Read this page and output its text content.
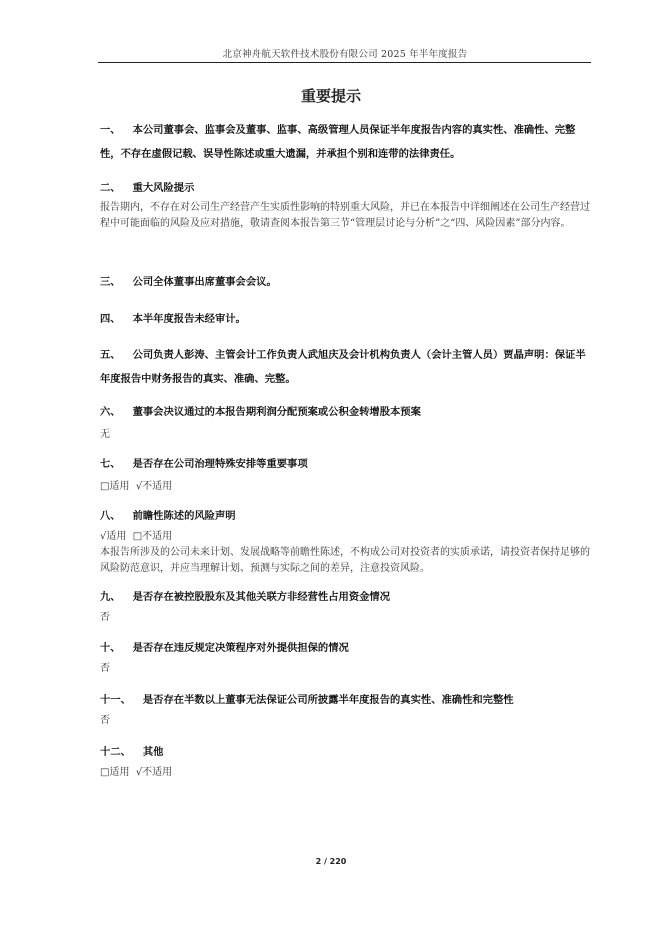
北京神舟航天软件技术股份有限公司 2025 年半年度报告
重要提示
一、 本公司董事会、监事会及董事、监事、高级管理人员保证半年度报告内容的真实性、准确性、完整性，不存在虚假记载、误导性陈述或重大遗漏，并承担个别和连带的法律责任。
二、 重大风险提示
报告期内，不存在对公司生产经营产生实质性影响的特别重大风险，并已在本报告中详细阐述在公司生产经营过程中可能面临的风险及应对措施，敬请查阅本报告第三节“管理层讨论与分析”之“四、风险因素”部分内容。
三、 公司全体董事出席董事会会议。
四、 本半年度报告未经审计。
五、 公司负责人彭涛、主管会计工作负责人武旭庆及会计机构负责人（会计主管人员）贾晶声明：保证半年度报告中财务报告的真实、准确、完整。
六、 董事会决议通过的本报告期利润分配预案或公积金转增股本预案
无
七、 是否存在公司治理特殊安排等重要事项
□适用 √不适用
八、 前瞻性陈述的风险声明
√适用 □不适用
本报告所涉及的公司未来计划、发展战略等前瞻性陈述，不构成公司对投资者的实质承诺，请投资者保持足够的风险防范意识，并应当理解计划、预测与实际之间的差异，注意投资风险。
九、 是否存在被控股股东及其他关联方非经营性占用资金情况
否
十、 是否存在违反规定决策程序对外提供担保的情况
否
十一、 是否存在半数以上董事无法保证公司所披露半年度报告的真实性、准确性和完整性
否
十二、 其他
□适用 √不适用
2 / 220
